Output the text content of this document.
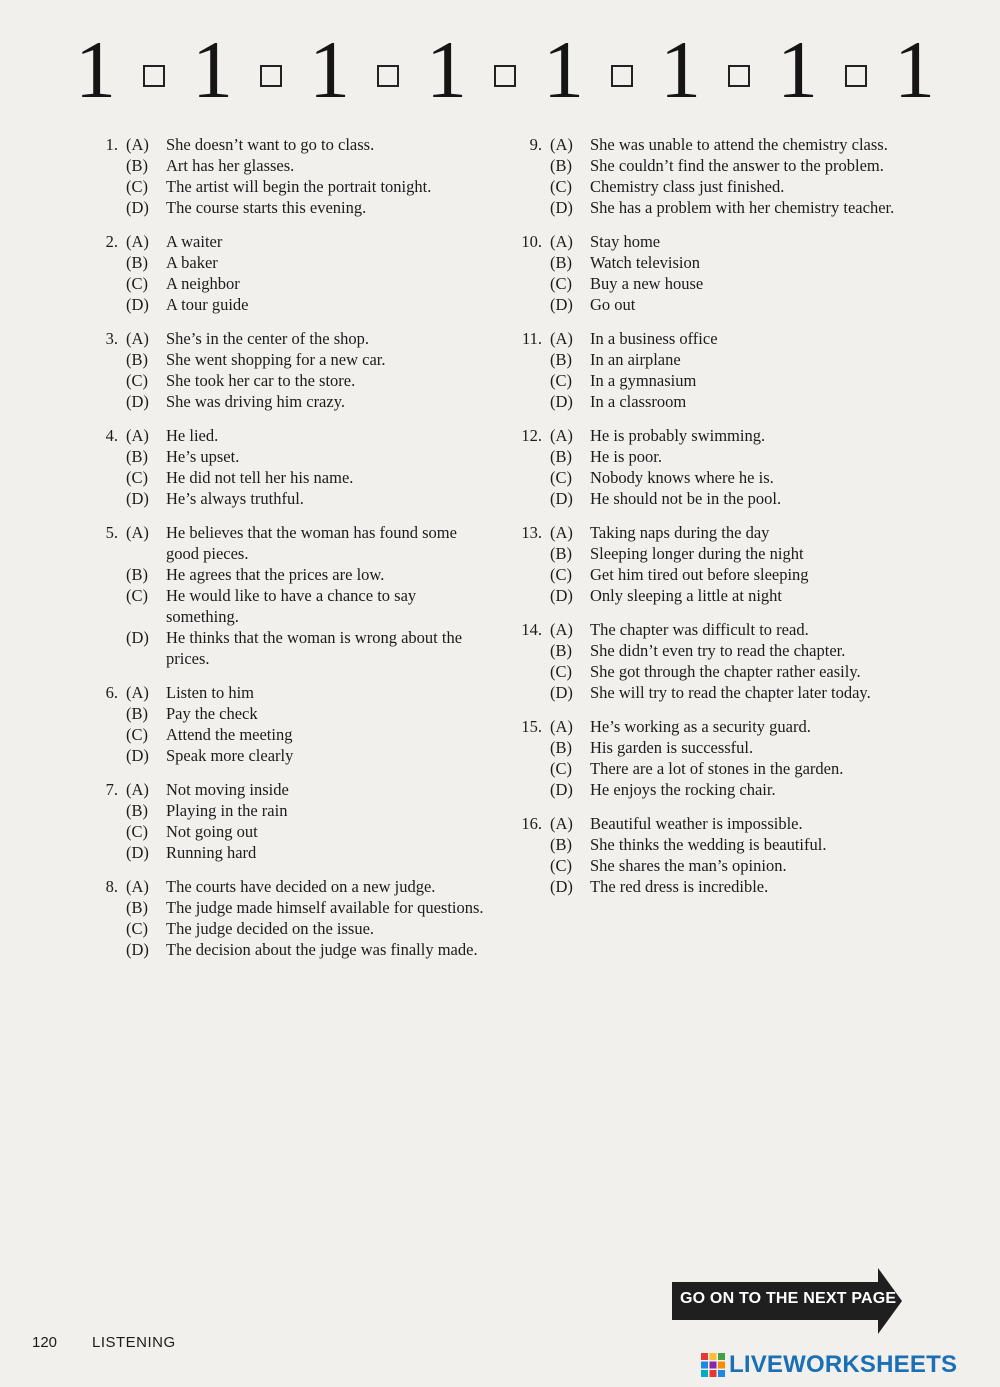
1 1 1 1 1 1 1 1
1. (A)	She doesn’t want to go to class.
(B)	Art has her glasses.
(C)	The artist will begin the portrait tonight.
(D)	The course starts this evening.
2. (A)	A waiter
(B)	A baker
(C)	A neighbor
(D)	A tour guide
3. (A)	She’s in the center of the shop.
(B)	She went shopping for a new car.
(C)	She took her car to the store.
(D)	She was driving him crazy.
4. (A)	He lied.
(B)	He’s upset.
(C)	He did not tell her his name.
(D)	He’s always truthful.
5. (A)	He believes that the woman has found some good pieces.
(B)	He agrees that the prices are low.
(C)	He would like to have a chance to say something.
(D)	He thinks that the woman is wrong about the prices.
6. (A)	Listen to him
(B)	Pay the check
(C)	Attend the meeting
(D)	Speak more clearly
7. (A)	Not moving inside
(B)	Playing in the rain
(C)	Not going out
(D)	Running hard
8. (A)	The courts have decided on a new judge.
(B)	The judge made himself available for questions.
(C)	The judge decided on the issue.
(D)	The decision about the judge was finally made.
9. (A)	She was unable to attend the chemistry class.
(B)	She couldn’t find the answer to the problem.
(C)	Chemistry class just finished.
(D)	She has a problem with her chemistry teacher.
10. (A)	Stay home
(B)	Watch television
(C)	Buy a new house
(D)	Go out
11. (A)	In a business office
(B)	In an airplane
(C)	In a gymnasium
(D)	In a classroom
12. (A)	He is probably swimming.
(B)	He is poor.
(C)	Nobody knows where he is.
(D)	He should not be in the pool.
13. (A)	Taking naps during the day
(B)	Sleeping longer during the night
(C)	Get him tired out before sleeping
(D)	Only sleeping a little at night
14. (A)	The chapter was difficult to read.
(B)	She didn’t even try to read the chapter.
(C)	She got through the chapter rather easily.
(D)	She will try to read the chapter later today.
15. (A)	He’s working as a security guard.
(B)	His garden is successful.
(C)	There are a lot of stones in the garden.
(D)	He enjoys the rocking chair.
16. (A)	Beautiful weather is impossible.
(B)	She thinks the wedding is beautiful.
(C)	She shares the man’s opinion.
(D)	The red dress is incredible.
120 LISTENING
GO ON TO THE NEXT PAGE
LIVEWORKSHEETS
